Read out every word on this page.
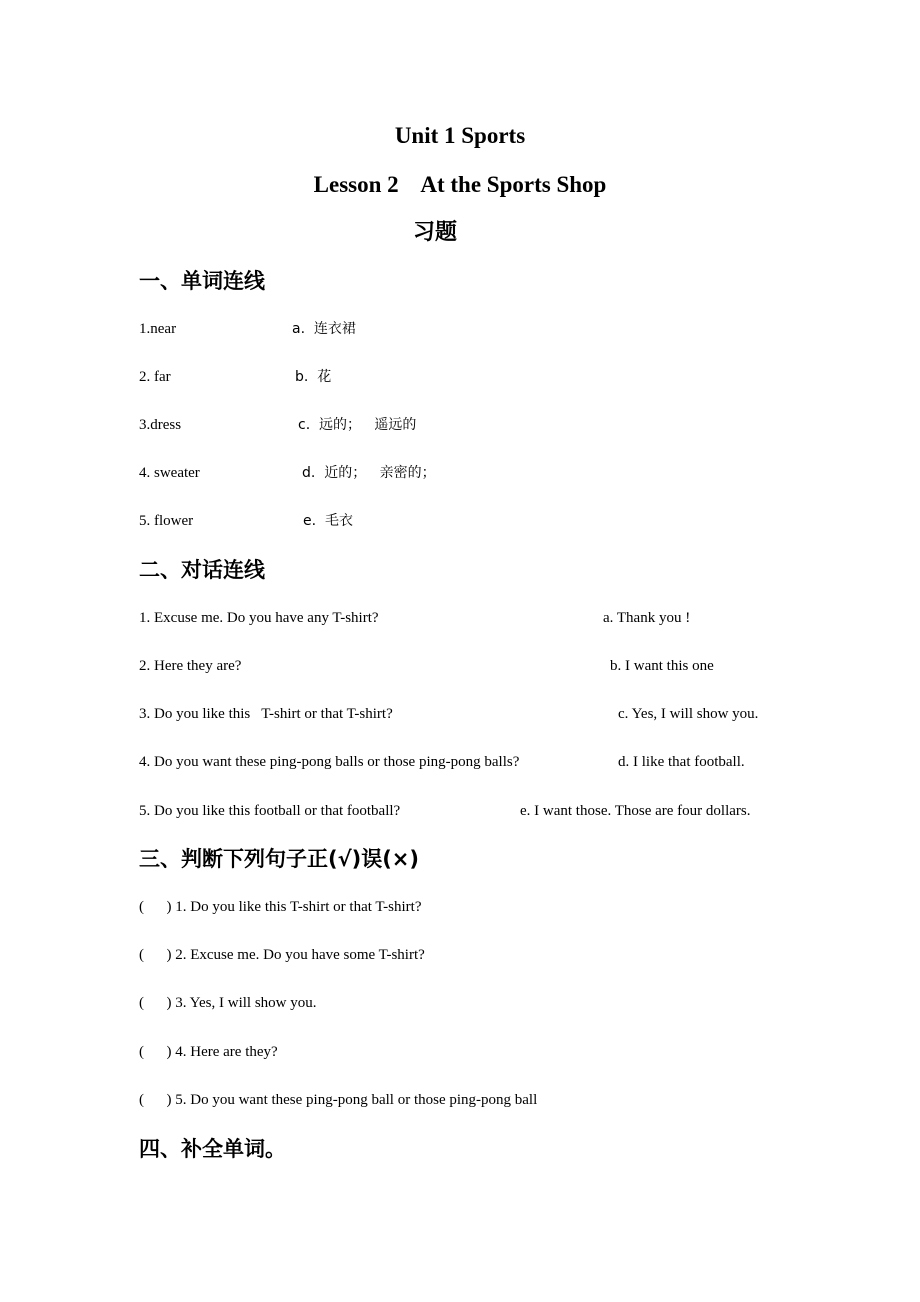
Unit 1 Sports
Lesson 2    At the Sports Shop
习题
一、单词连线
1.near
2. far
3.dress
4. sweater
5. flower
a.  连衣裙
b.  花
c.  远的；   遥远的
d.  近的；   亲密的；
e.  毛衣
二、对话连线
1. Excuse me. Do you have any T-shirt?
2. Here they are?
3. Do you like this   T-shirt or that T-shirt?
4. Do you want these ping-pong balls or those ping-pong balls?
5. Do you like this football or that football?
a. Thank you !
b. I want this one
c. Yes, I will show you.
d. I like that football.
e. I want those. Those are four dollars.
三、判断下列句子正(√)误(×)
(      ) 1. Do you like this T-shirt or that T-shirt?
(      ) 2. Excuse me. Do you have some T-shirt?
(      ) 3. Yes, I will show you.
(      ) 4. Here are they?
(      ) 5. Do you want these ping-pong ball or those ping-pong ball
四、补全单词。
